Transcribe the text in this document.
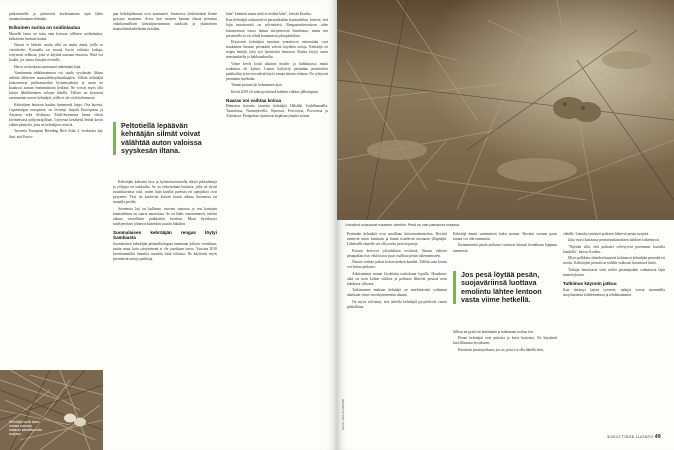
paikantimilla ja pääsisivät korkistamaan tajin lähes tuntemattomaan elämään.

Erikoinen surina on soidinlaulua

Monelle linnu on tuttu vain koiraan yöllinen soidinlaulun, kehräävän hurinan kautta.

Naaras ei kehrää, mutta sillä on muita ääniä, joilla se viestittelee. Koiraalla on monia hyvin erilaisia lauluja, erityisesti sellaisia, joita se käyttää naaraan seurassa. Niitä voi kuulla, jos sattuu lintujen reviirille.

Harva on koskaan onnistunut näkemään lajia.

Varmimmin näkihavainnon voi saada syyskesän illoina etelään lähtevien maastolehtoyömatkaajien. Silloin kehrääjät kokoontuvat pelloreunoihin hyönteisjahtiin ja usein ne kuuluvat aamun ensimmäisinä hetkinä. Ne voivat myös olla kävijä lähiliikenteen valojen lähellä. Tällöin on kyseessä useimmiten nuoret kehrääjät, joilla ei ole vielä kokemusta.

Kehrääjien heinoon kuuluu kymmeniä lajeja. Osa lajeista, Caprimulgus europaeus, on levinnyt laajalti Euroopassa ja Aasiassa sekä Afrikassa. Etelä-Suomessa linnut elävät kivimetsissä pohjoisrajallaan. Lyhyessä kesähynä lentää kovin vähän pimeyttä, joita ne kehrääjien reviiriä.

Tuoreeta European Breeding Bird Atlas 2 -teoksesta käy ilmi, että Euroo-

pan kehrääjäkannat ovat taantuneet. Suomessa yksilömäärät lienee pysynyt tasaisena. Arvio koti maisen kannan tilasta perustuu valtakunnallisen kehrääjäseurannan tuloksiin ja yksittäisten maastolintulaskelmien tietoihin.

Peltotiellä lepäävän kehrääjän silmät voivat välähtää auton valoissa syyskesän iltana.

Kehrääjän kaltaista lusa ja hyönteisravinnolla eläviä pikkulintuja ja yölajeja on tarkkailtu. Se on erikoisalaan kuuluva, jolla on hyvät muistikuvansa siitä, miten lajin kunkin pareista eri ajanjaksot ovat pysyneet. Yksi on kuolevan kuivan kesän aikana Suomessa tai muualla pesiltä.

Suomessa laji on kulkenut vuosien saatossa ja sen kantojen kannatteluun on suuria muutoksia. Se on lähes vaarantuneen, tulvien aikana vaarallisiin paikkoihin kesäisin. Muut hyväksytyt mieltymykset johtavat kuitenkin suuriin lukuihin.

Suomalaisen kehrääjän rengas löytyi Sambiasta

Suomalaisen kehrääjän pesimäbiologiaa tunnetaan joiltain vertailuun, mutta muut kuin siirtymisenä ei ole juurikaan tietoa. Vuosina 2018 kevätisimmiltä linnuilta tavattiin lisää erilaista. Ne käyttävät myös perinteisiä tuttuja paikkoja.

kiän" kiinittää mutta niitä ei riedetä kiän", kiertää Kontka.

Kun kehrääjät tarkkavalvoi perusteltuihin huumuleihin, käviset, että lajin muuttoreitti on selvitettävä. Rengastustietoistoon tulee kiinnostavaa tietoa linnun siirtymisestä Sambiassa, mutta sen perusteella ei voi tehdä kummoisia johtopäätöksiä.

Erityisesti kehrääjän muuttoa seurattavat entisestään ovat muutamaa hieman pesintään valoon käydään tietoja. Kehrääjä on nopea lentäjä, joka syö hyönteisiä lennossa. Ruoka löytyy usein metsäaukeilta ja hakkuualueilta.

Viime kevät koitti aikaisin maalis- ja huhtikuussa mutta toukokuu oli kylmä. Linnut kyltyivät pesimään perinteisiin paikkoihin ja hirveä säästä käytti samaa aluetta tiuhaan. Ne ryhtyivät pesimään myöhään.

Tämän pesintä jäi kolmannen ajan.

Kevät 2019 oli sään pyörteissä kahden viikkoa jälkeenpäin.

Naaras voi vaihtaa koiraa

Hienoisia koiraita tavattiin kehrääjiä Hälsällä Uudellamaalla: Tuusulassa, Nurmijärvellä, Sipoossa, Porvoossa, Porvoossa ja Askolassa. Pesäpaikat sijaitsevat hajalaan ympäri seutua.

Kehrääjä munii kaksi munaa suoraan maahan kasvillisuuden suojaan.
Untuvikot sulautuvat maaston väreihin. Pesä on vain painauma maassa.
KUVA: ESA ALAKOSKI

Pesimään kehrääjät ovat saraillaan kiitoessoiminteissa. Reviirit menevät usein lomittain ja linnut ristetlevät toisinaan ylläpitäjiä. Läheisellä alueella voi olla useita pesiviä pareja.

Koiraat kertovat yölaulullaan reviiristä. Naaras valitsee pesäpaikan itse, eikä koiras juuri osallistu pesän rakentamiseen.

Naaras vaihtaa joskus koiraa kesken kauden. Tällöin uusi koiras voi hoitaa poikasia.

Aikaisimmat munat löydetään toukokuun lopulla. Haudonta-aika on noin kolme viikkoa ja poikaset lähtevät pesästä noin kahdessa viikossa.

Tutkimusten mukaan kehrääjä on merkittävästi vaihtanut alueitaan viime vuosikymmenten aikana.

On myös selvinnyt, että talvella kehrääjät pysyttelevät varsin paikoillaan.

Kehrääjä munii useimmiten kaksi munaa. Hyvänä vuonna parin munia voi olla enemmän.

Ensimmäisen pesän poikaset varttuvat hitaasti heinäkuun loppuun mennessä.

Jos pesä löytää pesän, suojaväriinsä luottava emolintu lähtee lentoon vasta viime hetkellä.

Silloin ne pystyvät lentämään ja hakemaan ruokaa itse.

Pienet kehrääjät ovat pulaisia ja kerta hoitoisia. Ne käyttävät kasvillisuutta hyväkseen.

Kertaisen pesän poikasia jos on, pesä voi olla lähellä teitä.

vähälle. Lentokyvyttömät poikaset lähtevät pesän suojista.

Joka vuosi koiraassa pesimistutkimuksen tulokset tarkentuvat.

"Näyttää siltä, että poikaset selviytyvät paremmin kuivalla kaudella", kertoo Kontka.

Myös pelkkien alueiden haasteet kohtaavat kehrääjän pesintää eri tavoin. Kehrääjien pesintä on todella vaikeasti havaittava ilmiö.

Tutkijat ilmoittavat siitä, mitkä pesintäpaikat vaikuttavat lajin menestykseen.

Tutkimus käynnin jatkuu

Kun tietämys lajista syvenee, tutkijat voivat suunnitella suojelutoimia kohdennetusti ja tehokkaammin.

3/2021 TIEDE LUONTO 49
